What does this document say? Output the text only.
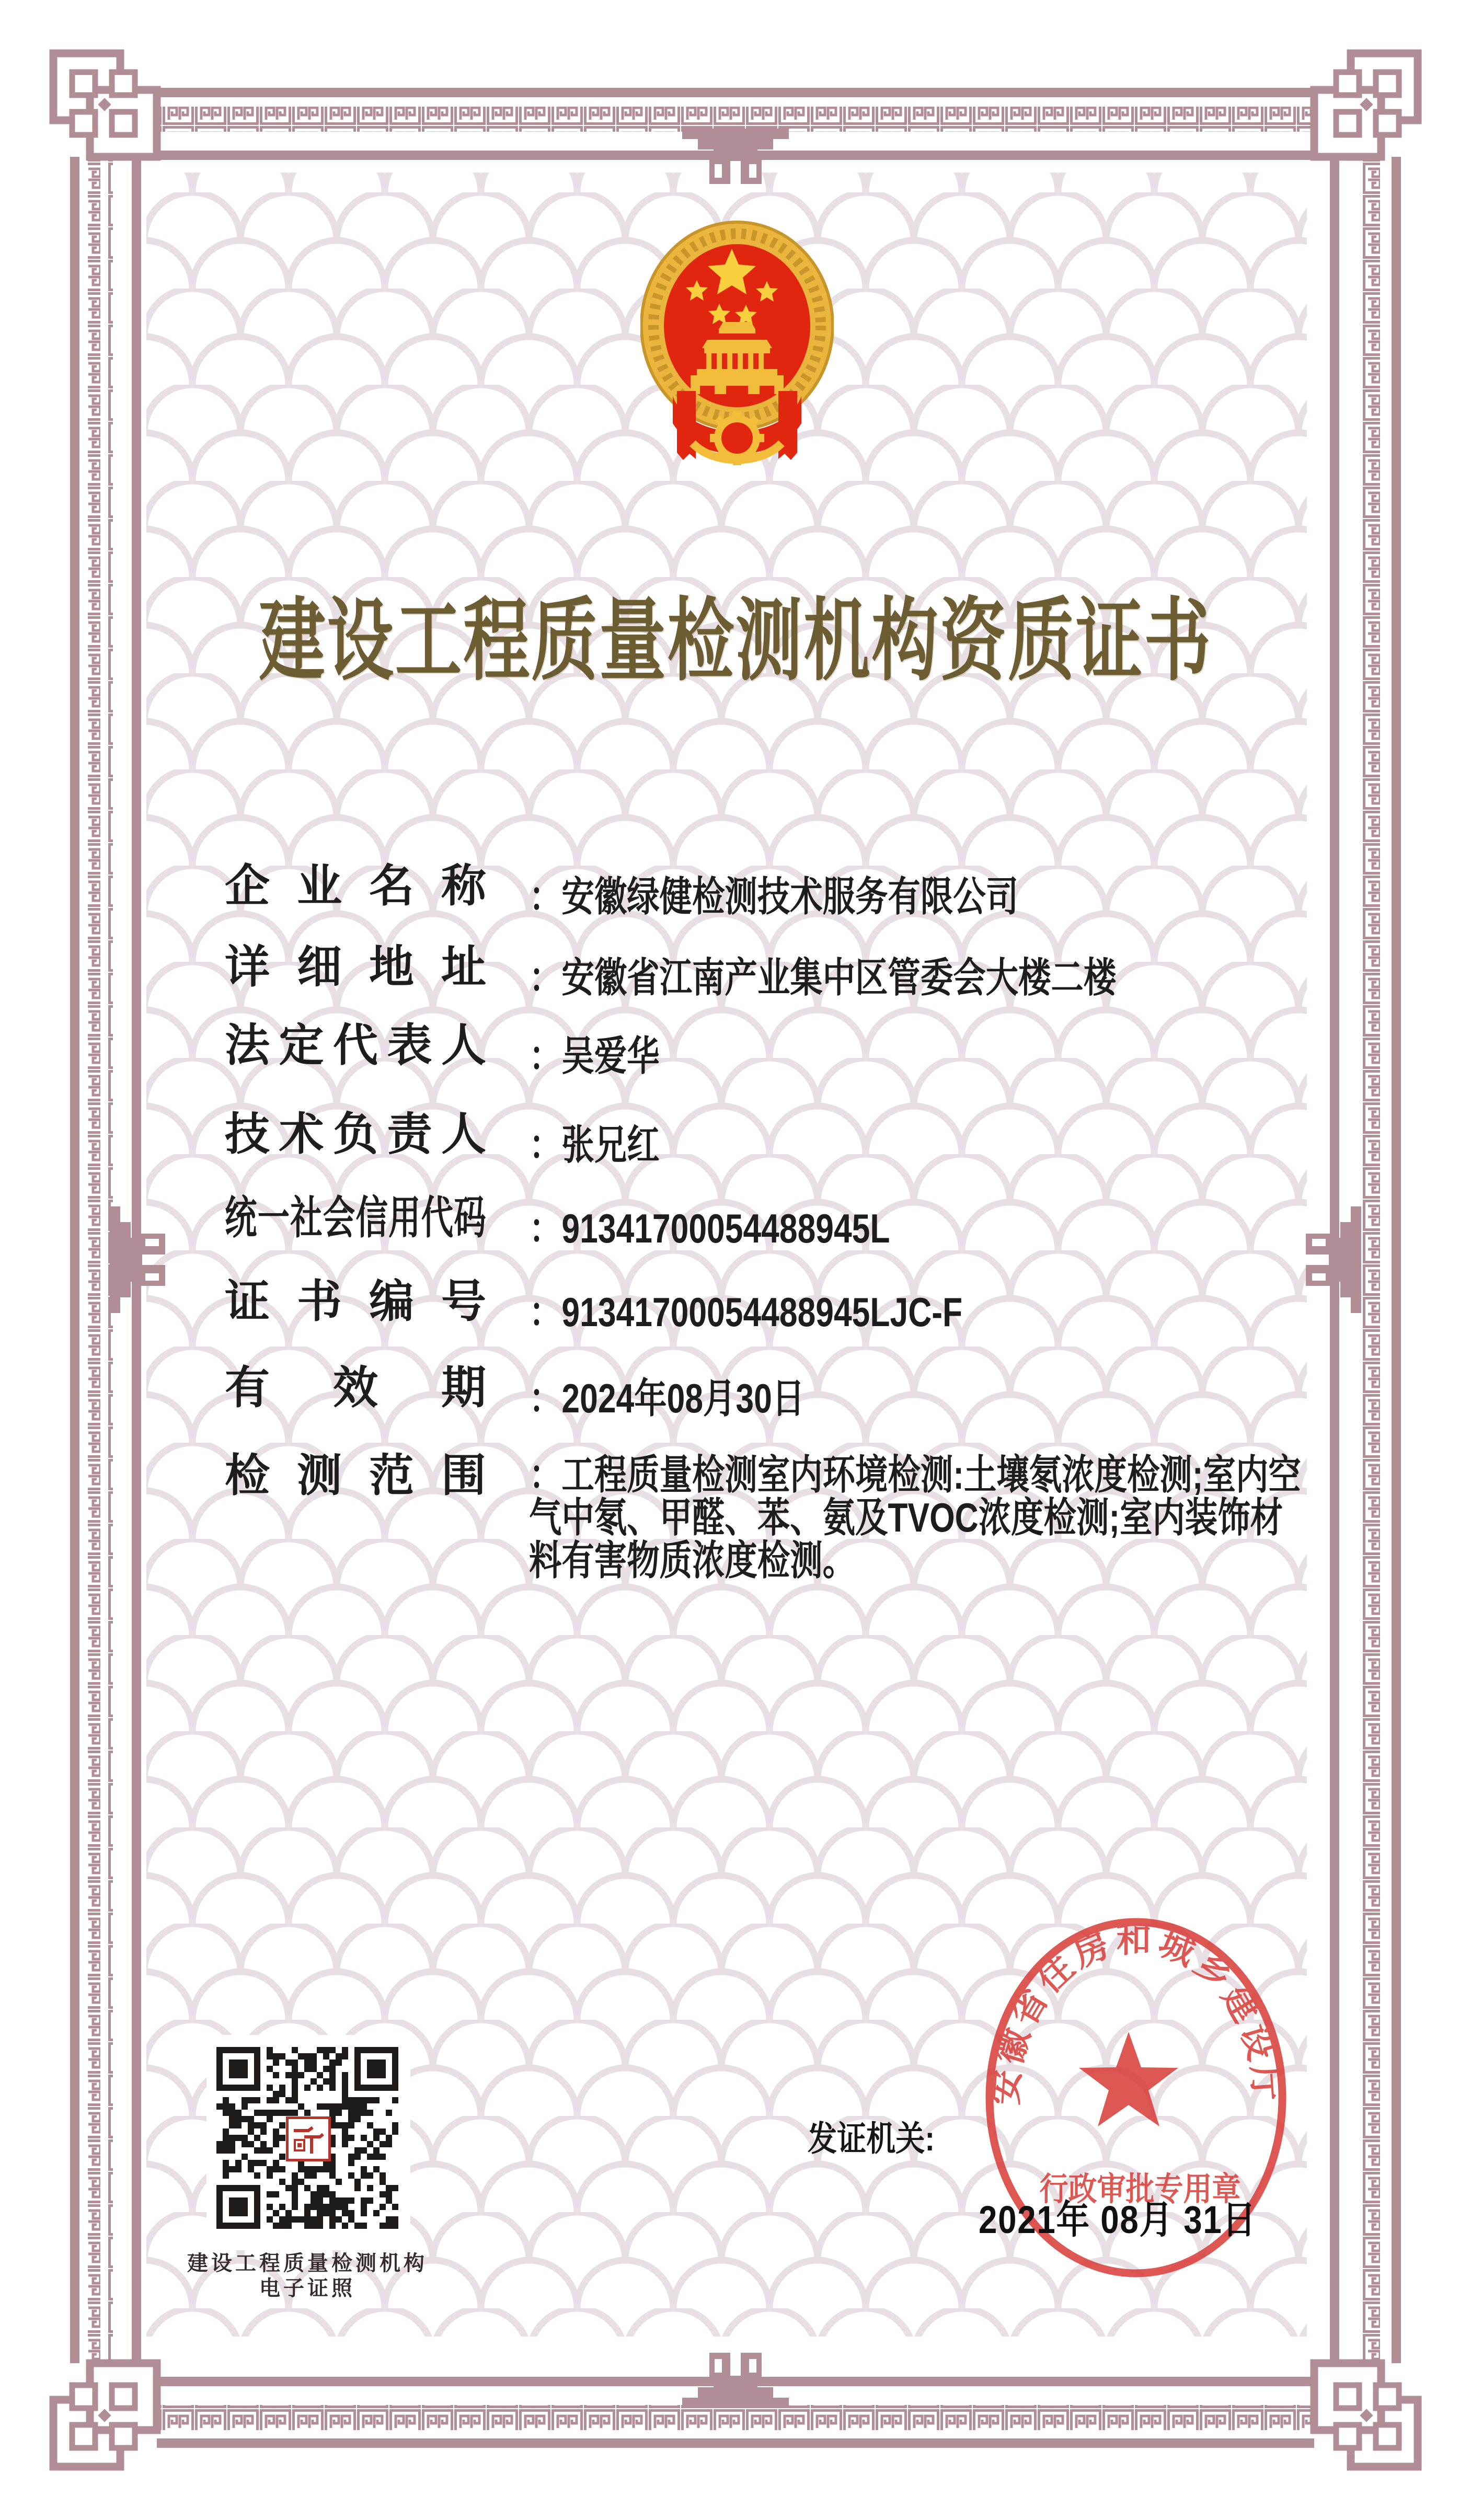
建设工程质量检测机构资质证书
企业名称 ：安徽绿健检测技术服务有限公司
详细地址 ：安徽省江南产业集中区管委会大楼二楼
法定代表人 ：吴爱华
技术负责人 ：张兄红
统一社会信用代码 ：91341700054488945L
证书编号 ：91341700054488945LJC-F
有效期 ：2024年08月30日
检测范围 ：工程质量检测室内环境检测:土壤氡浓度检测;室内空气中氡、甲醛、苯、氨及TVOC浓度检测;室内装饰材料有害物质浓度检测。
建设工程质量检测机构
电子证照
发证机关:
2021年 08月 31日
安徽省住房和城乡建设厅
行政审批专用章
